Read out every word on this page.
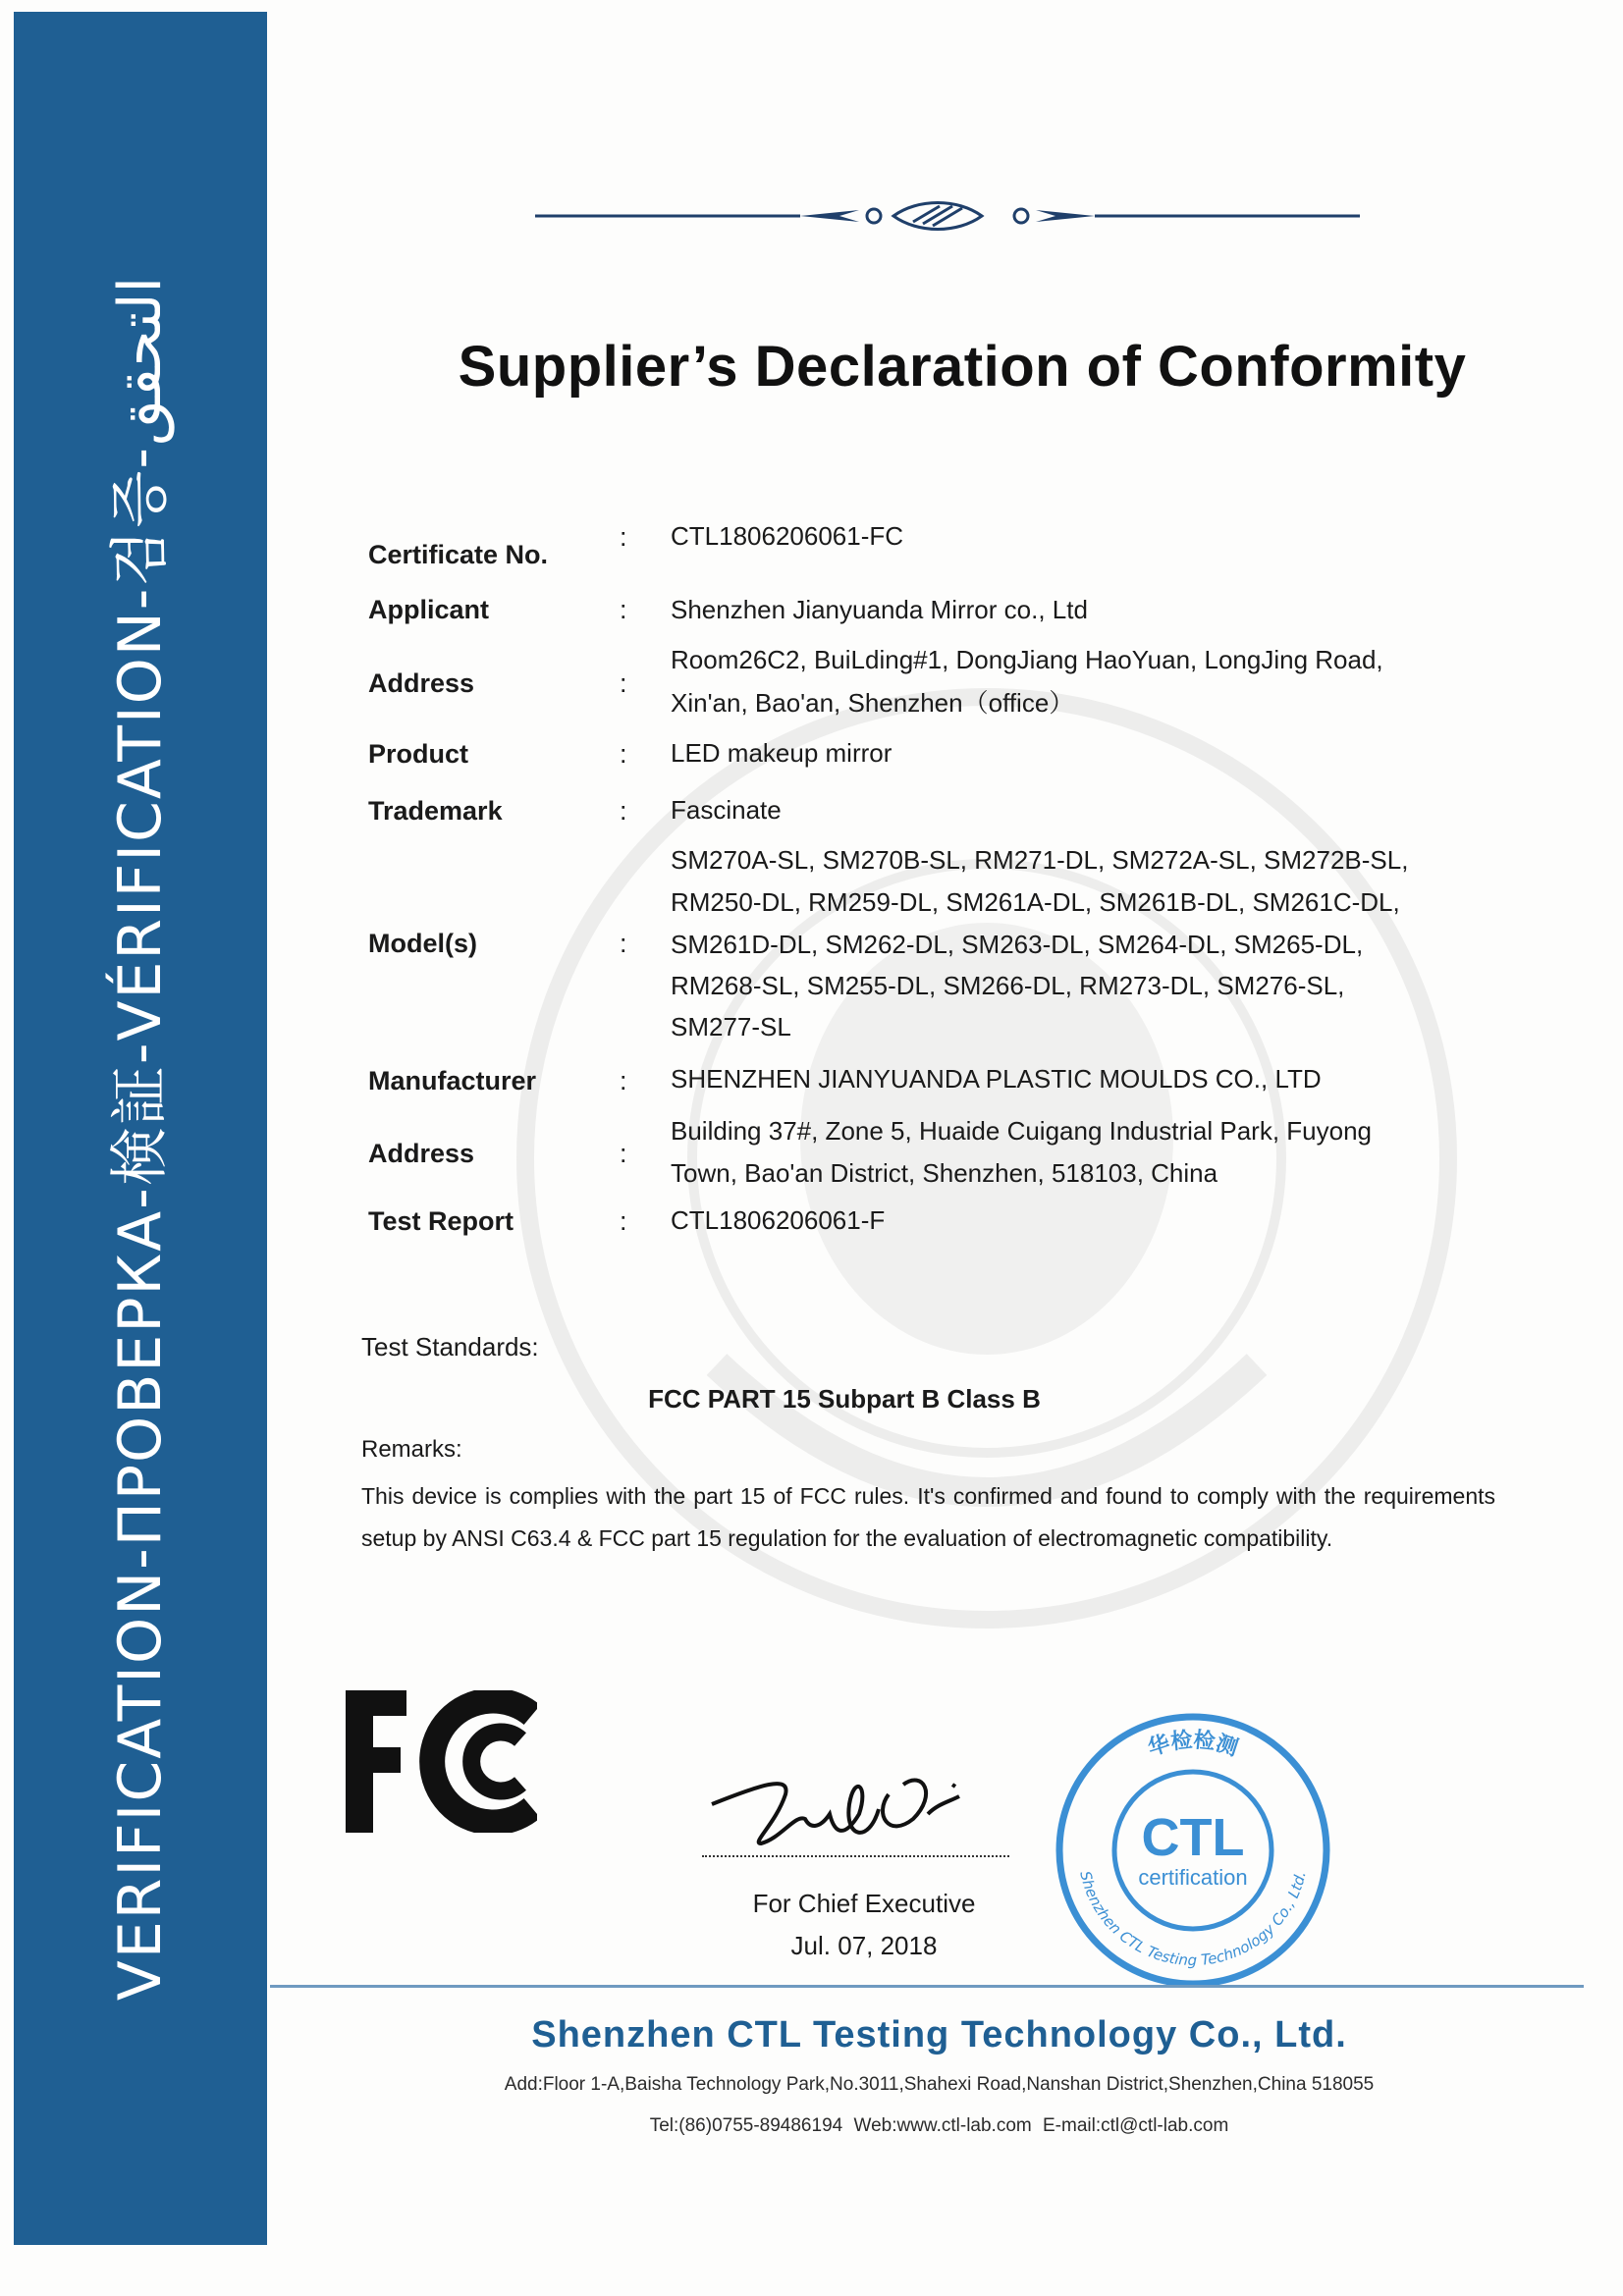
VERIFICATION-ПРОВЕРКА-検証-VÉRIFICATION-검증-التحقق	Supplier’s Declaration of Conformity
Certificate No.
: CTL1806206061-FC
Applicant	: Shenzhen Jianyuanda Mirror co., Ltd
Address	:
Room26C2, BuiLding#1, DongJiang HaoYuan, LongJing Road,
Xin'an, Bao'an, Shenzhen（office）
Product	: LED makeup mirror
Trademark	: Fascinate
Model(s)	:
SM270A-SL, SM270B-SL, RM271-DL, SM272A-SL, SM272B-SL,
RM250-DL, RM259-DL, SM261A-DL, SM261B-DL, SM261C-DL,
SM261D-DL, SM262-DL, SM263-DL, SM264-DL, SM265-DL,
RM268-SL, SM255-DL, SM266-DL, RM273-DL, SM276-SL,
SM277-SL
Manufacturer	: SHENZHEN JIANYUANDA PLASTIC MOULDS CO., LTD
Address	:
Building 37#, Zone 5, Huaide Cuigang Industrial Park, Fuyong
Town, Bao'an District, Shenzhen, 518103, China
Test Report	: CTL1806206061-F
Test Standards:
FCC PART 15 Subpart B Class B
Remarks:
This device is complies with the part 15 of FCC rules. It's confirmed and found to comply with the requirements setup by ANSI C63.4 & FCC part 15 regulation for the evaluation of electromagnetic compatibility.
For Chief Executive
Jul. 07, 2018
华检检测
Shenzhen CTL Testing Technology Co., Ltd.
CTL
certification
Shenzhen CTL Testing Technology Co., Ltd.
Add:Floor 1-A,Baisha Technology Park,No.3011,Shahexi Road,Nanshan District,Shenzhen,China 518055
Tel:(86)0755-89486194 Web:www.ctl-lab.com E-mail:ctl@ctl-lab.com
